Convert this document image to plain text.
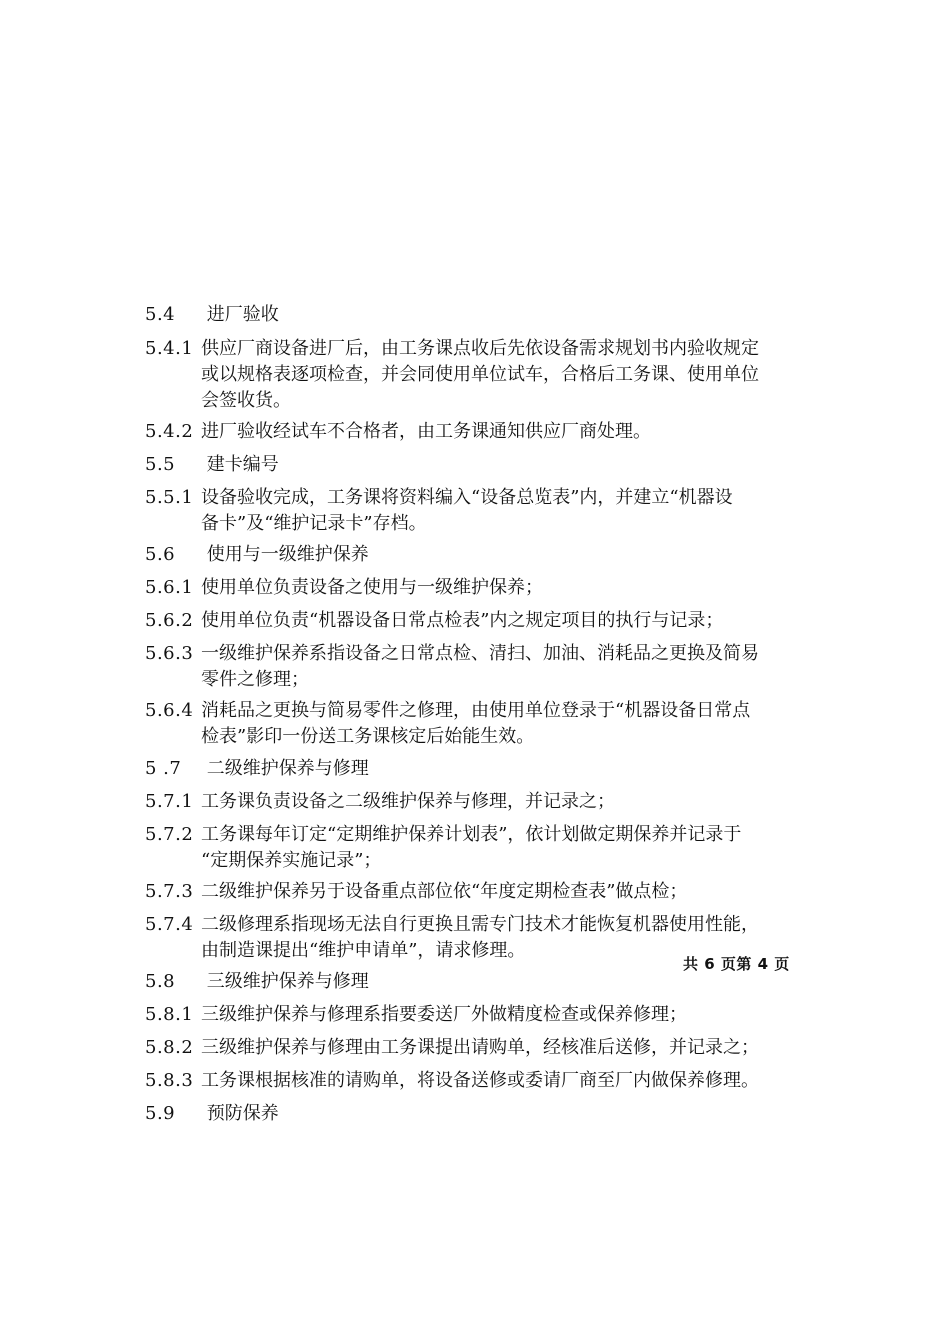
5.4 进厂验收
5.4.1 供应厂商设备进厂后，由工务课点收后先依设备需求规划书内验收规定
或以规格表逐项检查，并会同使用单位试车，合格后工务课、使用单位
会签收货。
5.4.2 进厂验收经试车不合格者，由工务课通知供应厂商处理。
5.5 建卡编号
5.5.1 设备验收完成，工务课将资料编入“设备总览表”内，并建立“机器设
备卡”及“维护记录卡”存档。
5.6 使用与一级维护保养
5.6.1 使用单位负责设备之使用与一级维护保养；
5.6.2 使用单位负责“机器设备日常点检表”内之规定项目的执行与记录；
5.6.3 一级维护保养系指设备之日常点检、清扫、加油、消耗品之更换及简易
零件之修理；
5.6.4 消耗品之更换与简易零件之修理，由使用单位登录于“机器设备日常点
检表”影印一份送工务课核定后始能生效。
5 .7 二级维护保养与修理
5.7.1 工务课负责设备之二级维护保养与修理，并记录之；
5.7.2 工务课每年订定“定期维护保养计划表”，依计划做定期保养并记录于
“定期保养实施记录”；
5.7.3 二级维护保养另于设备重点部位依“年度定期检查表”做点检；
5.7.4 二级修理系指现场无法自行更换且需专门技术才能恢复机器使用性能，
由制造课提出“维护申请单”，请求修理。
共 6 页第 4 页
5.8 三级维护保养与修理
5.8.1 三级维护保养与修理系指要委送厂外做精度检查或保养修理；
5.8.2 三级维护保养与修理由工务课提出请购单，经核准后送修，并记录之；
5.8.3 工务课根据核准的请购单，将设备送修或委请厂商至厂内做保养修理。
5.9 预防保养
